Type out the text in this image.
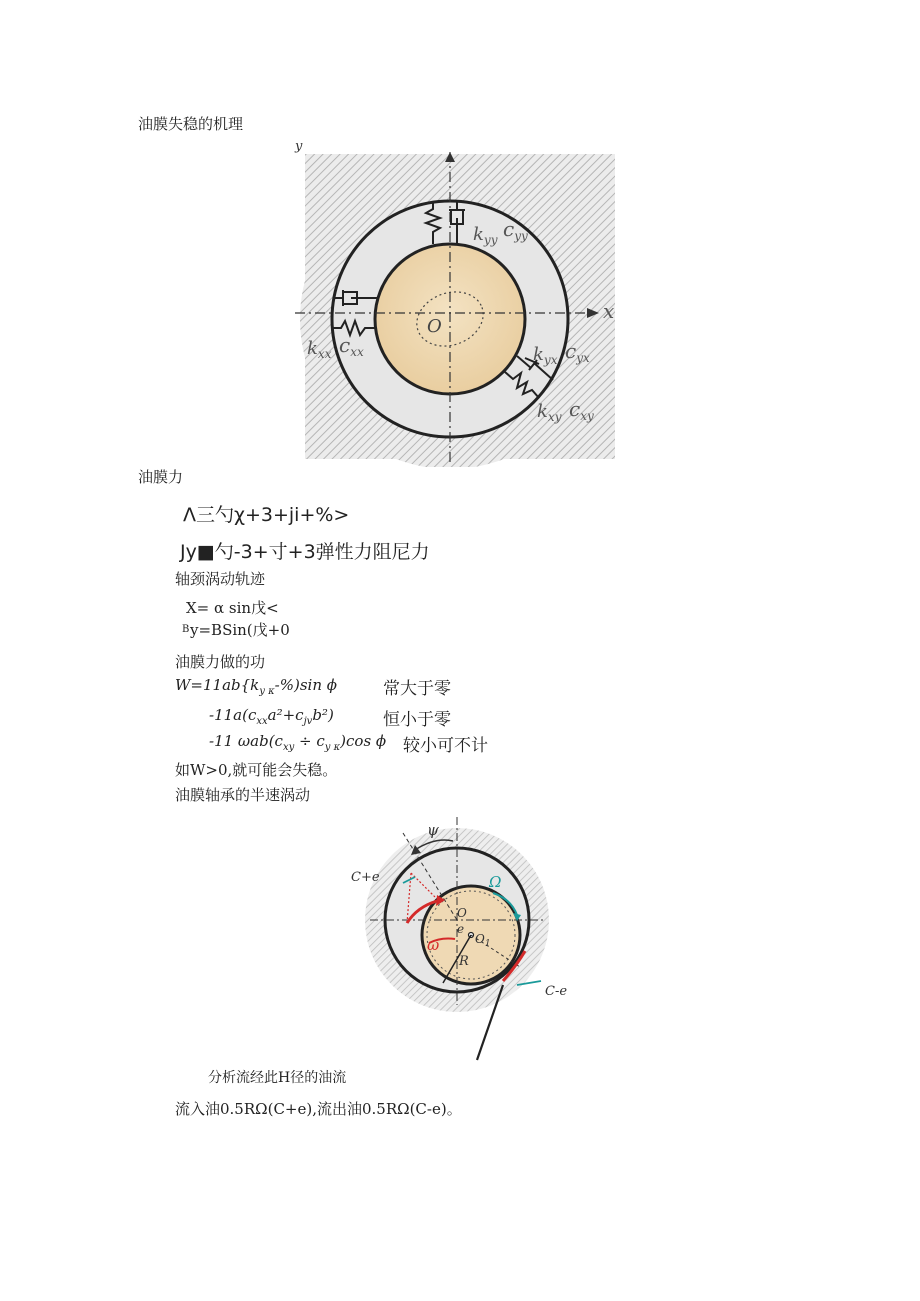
油膜失稳的机理
y
x
O
$k_{yy}$ $c_{yy}$
$k_{xx}$ $c_{xx}$	$k_{yx}$ $c_{yx}$
$k_{xy}$ $c_{xy}$
油膜力
Λ三勺χ+3+ji+%>
Jy■勺-3+寸+3弹性力阻尼力
轴颈涡动轨迹
X= α sin戊<
B y=BSin(戊+0
油膜力做的功
$W=11ab\{k_{y \kappa}-\%)\sin$ ϕ	常大于零
$-11a(c_{xx}a^2+c_{jv}b^2)$	恒小于零
-11 $\omega ab(c_{xy} \div c_{y \kappa})\cos$ ϕ 较小可不计
如W>0,就可能会失稳。
油膜轴承的半速涡动
ψ
C+e
C-e
Ω
ω
O
e
$O_1$
R
分析流经此H径的油流
流入油0.5RΩ(C+e),流出油0.5RΩ(C-e)。
